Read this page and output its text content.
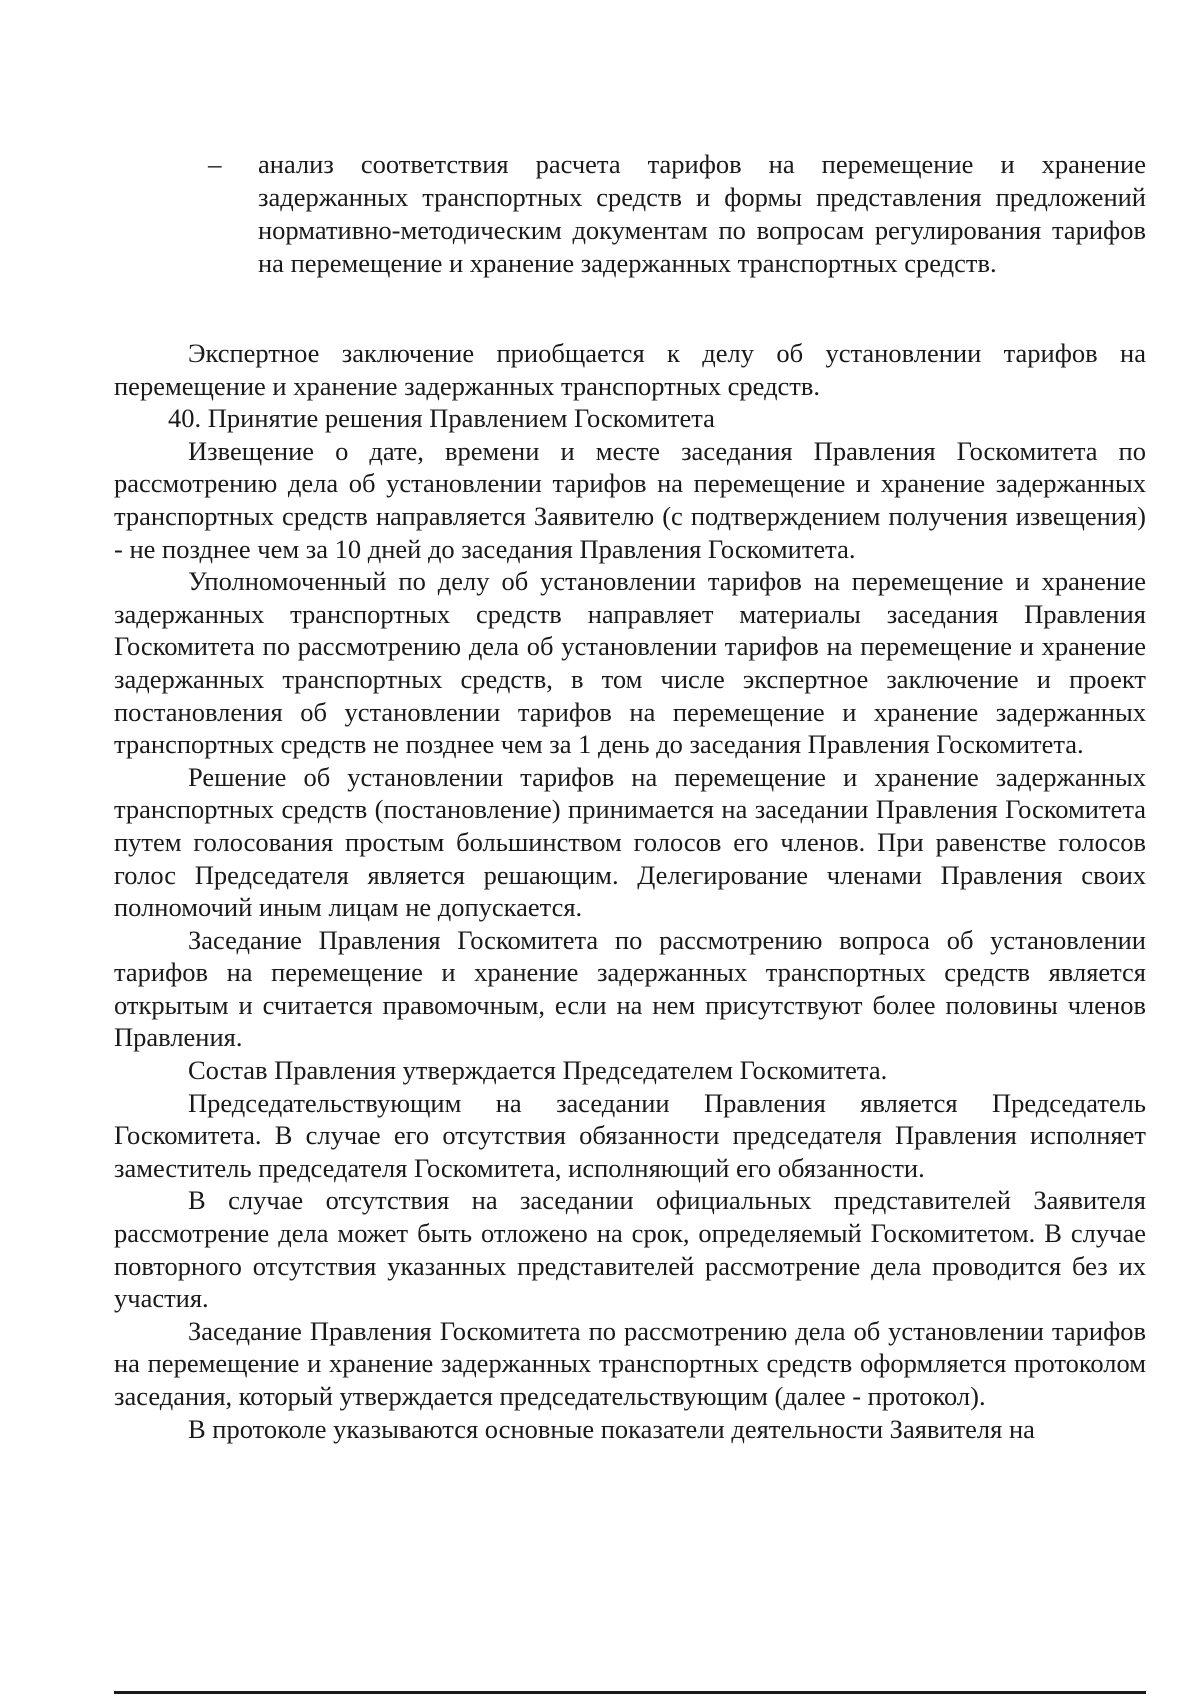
– анализ соответствия расчета тарифов на перемещение и хранение задержанных транспортных средств и формы представления предложений нормативно-методическим документам по вопросам регулирования тарифов на перемещение и хранение задержанных транспортных средств.

Экспертное заключение приобщается к делу об установлении тарифов на перемещение и хранение задержанных транспортных средств.

40. Принятие решения Правлением Госкомитета

Извещение о дате, времени и месте заседания Правления Госкомитета по рассмотрению дела об установлении тарифов на перемещение и хранение задержанных транспортных средств направляется Заявителю (с подтверждением получения извещения) - не позднее чем за 10 дней до заседания Правления Госкомитета.

Уполномоченный по делу об установлении тарифов на перемещение и хранение задержанных транспортных средств направляет материалы заседания Правления Госкомитета по рассмотрению дела об установлении тарифов на перемещение и хранение задержанных транспортных средств, в том числе экспертное заключение и проект постановления об установлении тарифов на перемещение и хранение задержанных транспортных средств не позднее чем за 1 день до заседания Правления Госкомитета.

Решение об установлении тарифов на перемещение и хранение задержанных транспортных средств (постановление) принимается на заседании Правления Госкомитета путем голосования простым большинством голосов его членов. При равенстве голосов голос Председателя является решающим. Делегирование членами Правления своих полномочий иным лицам не допускается.

Заседание Правления Госкомитета по рассмотрению вопроса об установлении тарифов на перемещение и хранение задержанных транспортных средств является открытым и считается правомочным, если на нем присутствуют более половины членов Правления.

Состав Правления утверждается Председателем Госкомитета.

Председательствующим на заседании Правления является Председатель Госкомитета. В случае его отсутствия обязанности председателя Правления исполняет заместитель председателя Госкомитета, исполняющий его обязанности.

В случае отсутствия на заседании официальных представителей Заявителя рассмотрение дела может быть отложено на срок, определяемый Госкомитетом. В случае повторного отсутствия указанных представителей рассмотрение дела проводится без их участия.

Заседание Правления Госкомитета по рассмотрению дела об установлении тарифов на перемещение и хранение задержанных транспортных средств оформляется протоколом заседания, который утверждается председательствующим (далее - протокол).

В протоколе указываются основные показатели деятельности Заявителя на
